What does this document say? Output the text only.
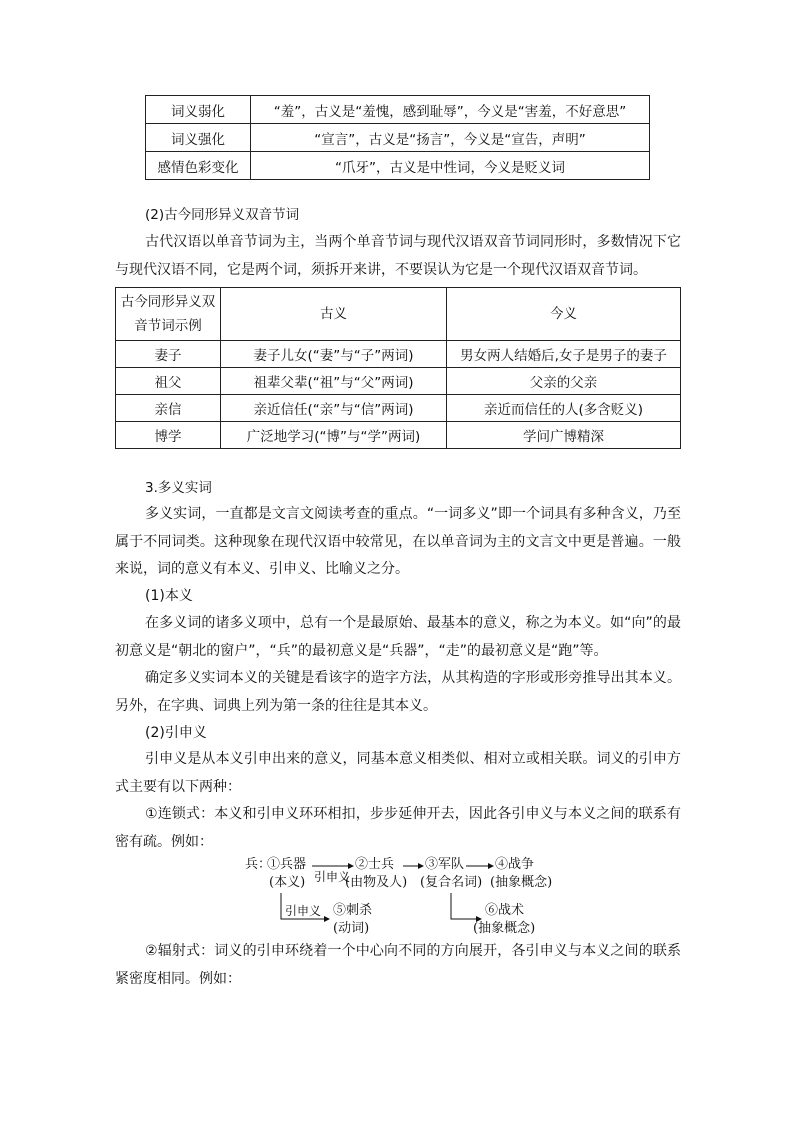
词义弱化	“羞”，古义是“羞愧，感到耻辱”，今义是“害羞，不好意思”
词义强化	“宣言”，古义是“扬言”，今义是“宣告，声明”
感情色彩变化	“爪牙”，古义是中性词，今义是贬义词
(2)古今同形异义双音节词
古代汉语以单音节词为主，当两个单音节词与现代汉语双音节词同形时，多数情况下它与现代汉语不同，它是两个词，须拆开来讲，不要误认为它是一个现代汉语双音节词。
古今同形异义双音节词示例	古义	今义
妻子	妻子儿女(“妻”与“子”两词)	男女两人结婚后,女子是男子的妻子
祖父	祖辈父辈(“祖”与“父”两词)	父亲的父亲
亲信	亲近信任(“亲”与“信”两词)	亲近而信任的人(多含贬义)
博学	广泛地学习(“博”与“学”两词)	学问广博精深
3.多义实词
多义实词，一直都是文言文阅读考查的重点。“一词多义”即一个词具有多种含义，乃至属于不同词类。这种现象在现代汉语中较常见，在以单音词为主的文言文中更是普遍。一般来说，词的意义有本义、引申义、比喻义之分。
(1)本义
在多义词的诸多义项中，总有一个是最原始、最基本的意义，称之为本义。如“向”的最初意义是“朝北的窗户”，“兵”的最初意义是“兵器”，“走”的最初意义是“跑”等。
确定多义实词本义的关键是看该字的造字方法，从其构造的字形或形旁推导出其本义。另外，在字典、词典上列为第一条的往往是其本义。
(2)引申义
引申义是从本义引申出来的意义，同基本意义相类似、相对立或相关联。词义的引申方式主要有以下两种：
①连锁式：本义和引申义环环相扣，步步延伸开去，因此各引申义与本义之间的联系有密有疏。例如：
兵：
①兵器
(本义) 引申义
②士兵
(由物及人)
③军队
(复合名词)
④战争
(抽象概念)
引申义 ⑤刺杀
(动词)
⑥战术
(抽象概念)
②辐射式：词义的引申环绕着一个中心向不同的方向展开，各引申义与本义之间的联系紧密度相同。例如：
